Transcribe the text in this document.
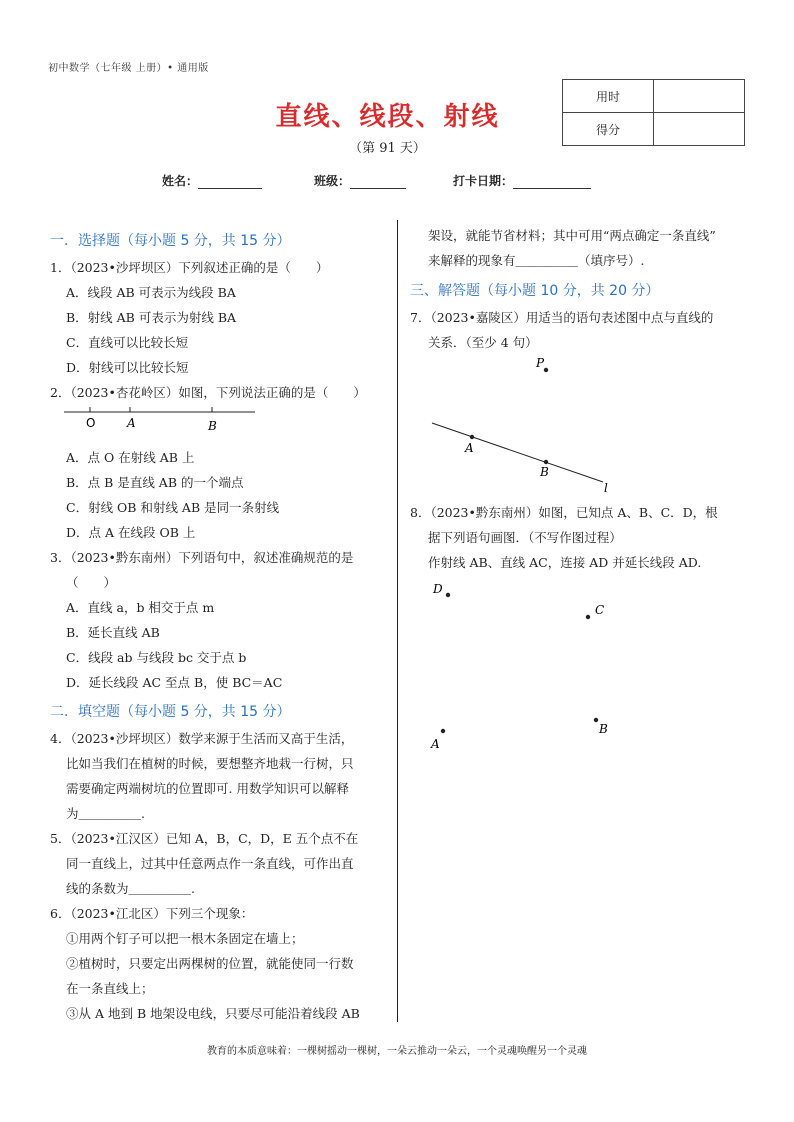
初中数学（七年级 上册）• 通用版
直线、线段、射线
（第 91 天）
用时	
得分	
姓名：	班级：	打卡日期：
一．选择题（每小题 5 分，共 15 分）
1．（2023•沙坪坝区）下列叙述正确的是（　　）
A．线段 AB 可表示为线段 BA
B．射线 AB 可表示为射线 BA
C．直线可以比较长短
D．射线可以比较长短
2．（2023•杏花岭区）如图，下列说法正确的是（　　）
O	A	B
A．点 O 在射线 AB 上
B．点 B 是直线 AB 的一个端点
C．射线 OB 和射线 AB 是同一条射线
D．点 A 在线段 OB 上
3．（2023•黔东南州）下列语句中，叙述准确规范的是
（　　）
A．直线 a，b 相交于点 m
B．延长直线 AB
C．线段 ab 与线段 bc 交于点 b
D．延长线段 AC 至点 B，使 BC＝AC
二．填空题（每小题 5 分，共 15 分）
4．（2023•沙坪坝区）数学来源于生活而又高于生活，
比如当我们在植树的时候，要想整齐地栽一行树，只
需要确定两端树坑的位置即可. 用数学知识可以解释
为＿＿＿＿＿.
5．（2023•江汉区）已知 A，B，C，D，E 五个点不在
同一直线上，过其中任意两点作一条直线，可作出直
线的条数为＿＿＿＿＿.
6．（2023•江北区）下列三个现象：
①用两个钉子可以把一根木条固定在墙上；
②植树时，只要定出两棵树的位置，就能使同一行数
在一条直线上；
③从 A 地到 B 地架设电线，只要尽可能沿着线段 AB
架设，就能节省材料；其中可用“两点确定一条直线”
来解释的现象有＿＿＿＿＿（填序号）.
三、解答题（每小题 10 分，共 20 分）
7．（2023•嘉陵区）用适当的语句表述图中点与直线的
关系．（至少 4 句）
P
A
B
l
8．（2023•黔东南州）如图，已知点 A、B、C．D，根
据下列语句画图．（不写作图过程）
作射线 AB、直线 AC，连接 AD 并延长线段 AD.
D
C
A
B
教育的本质意味着：一棵树摇动一棵树，一朵云推动一朵云，一个灵魂唤醒另一个灵魂
